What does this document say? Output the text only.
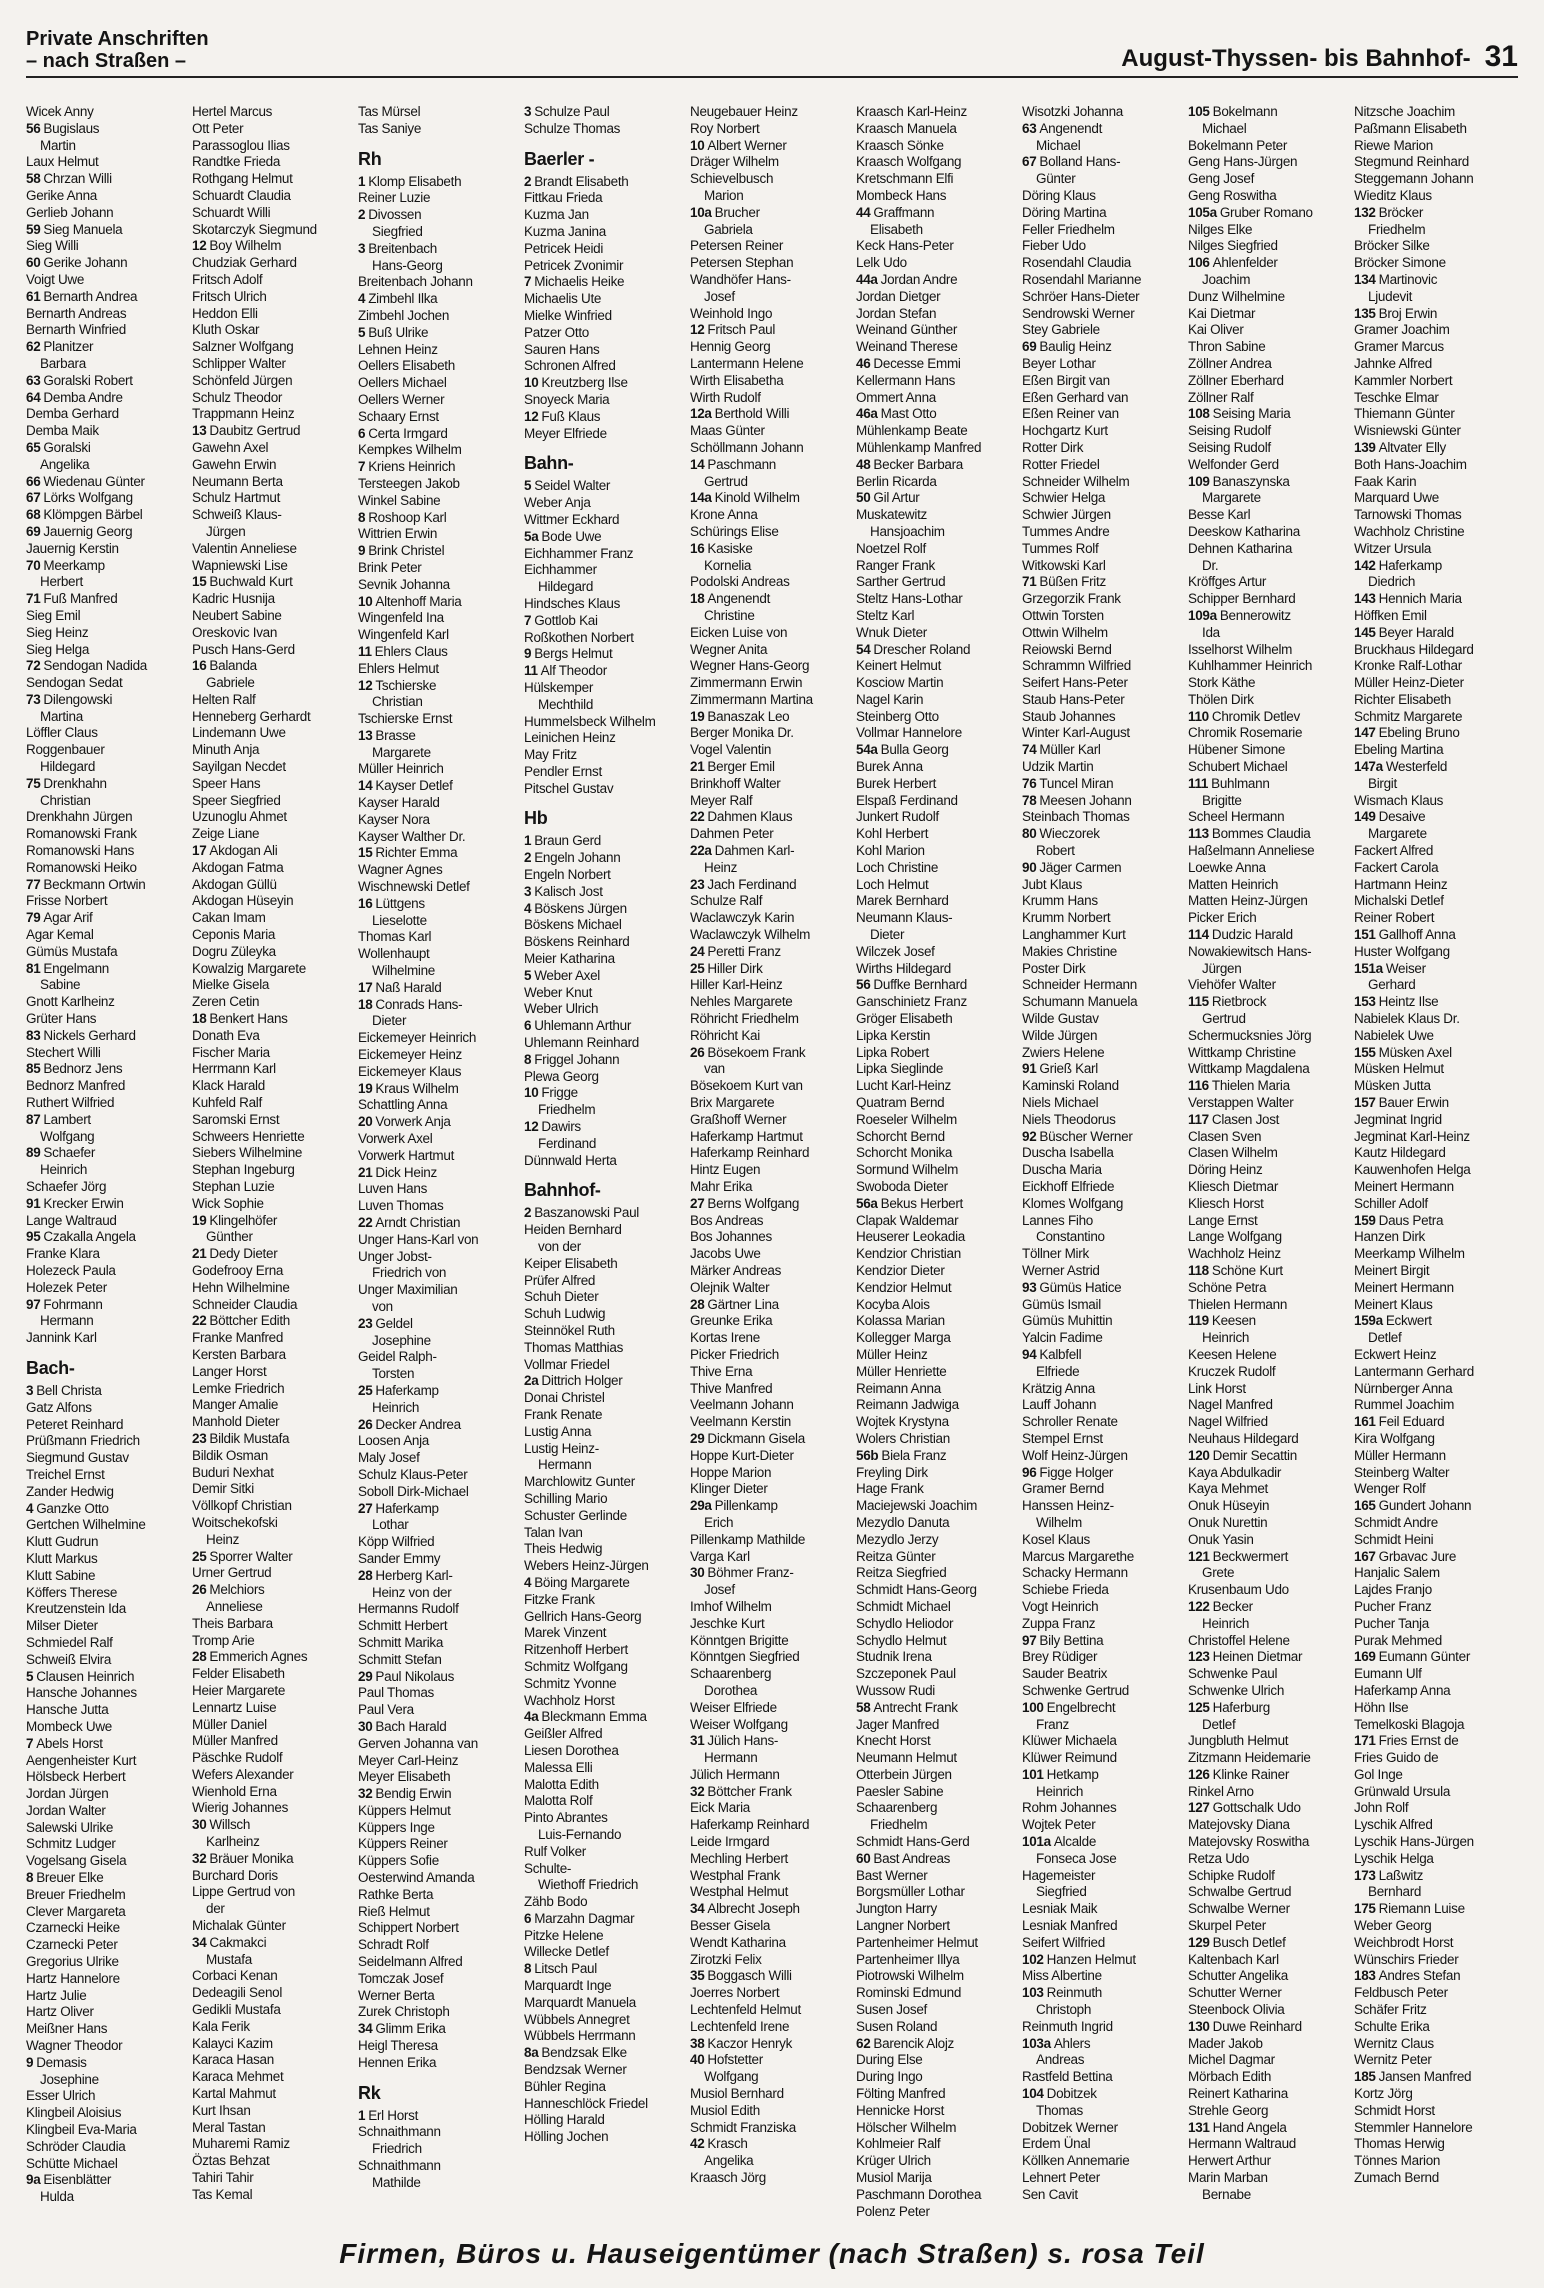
Private Anschriften
– nach Straßen –	August-Thyssen- bis Bahnhof- 31
Wicek Anny
56 Bugislaus
Martin
Laux Helmut
58 Chrzan Willi
Gerike Anna
Gerlieb Johann
59 Sieg Manuela
Sieg Willi
60 Gerike Johann
Voigt Uwe
61 Bernarth Andrea
Bernarth Andreas
Bernarth Winfried
62 Planitzer
Barbara
63 Goralski Robert
64 Demba Andre
Demba Gerhard
Demba Maik
65 Goralski
Angelika
66 Wiedenau Günter
67 Lörks Wolfgang
68 Klömpgen Bärbel
69 Jauernig Georg
Jauernig Kerstin
70 Meerkamp
Herbert
71 Fuß Manfred
Sieg Emil
Sieg Heinz
Sieg Helga
72 Sendogan Nadida
Sendogan Sedat
73 Dilengowski
Martina
Löffler Claus
Roggenbauer
Hildegard
75 Drenkhahn
Christian
Drenkhahn Jürgen
Romanowski Frank
Romanowski Hans
Romanowski Heiko
77 Beckmann Ortwin
Frisse Norbert
79 Agar Arif
Agar Kemal
Gümüs Mustafa
81 Engelmann
Sabine
Gnott Karlheinz
Grüter Hans
83 Nickels Gerhard
Stechert Willi
85 Bednorz Jens
Bednorz Manfred
Ruthert Wilfried
87 Lambert
Wolfgang
89 Schaefer
Heinrich
Schaefer Jörg
91 Krecker Erwin
Lange Waltraud
95 Czakalla Angela
Franke Klara
Holezeck Paula
Holezek Peter
97 Fohrmann
Hermann
Jannink Karl
Bach-
3 Bell Christa
Gatz Alfons
Peteret Reinhard
Prüßmann Friedrich
Siegmund Gustav
Treichel Ernst
Zander Hedwig
4 Ganzke Otto
Gertchen Wilhelmine
Klutt Gudrun
Klutt Markus
Klutt Sabine
Köffers Therese
Kreutzenstein Ida
Milser Dieter
Schmiedel Ralf
Schweiß Elvira
5 Clausen Heinrich
Hansche Johannes
Hansche Jutta
Mombeck Uwe
7 Abels Horst
Aengenheister Kurt
Hölsbeck Herbert
Jordan Jürgen
Jordan Walter
Salewski Ulrike
Schmitz Ludger
Vogelsang Gisela
8 Breuer Elke
Breuer Friedhelm
Clever Margareta
Czarnecki Heike
Czarnecki Peter
Gregorius Ulrike
Hartz Hannelore
Hartz Julie
Hartz Oliver
Meißner Hans
Wagner Theodor
9 Demasis
Josephine
Esser Ulrich
Klingbeil Aloisius
Klingbeil Eva-Maria
Schröder Claudia
Schütte Michael
9a Eisenblätter
Hulda
Hertel Marcus
Ott Peter
Parassoglou Ilias
Randtke Frieda
Rothgang Helmut
Schuardt Claudia
Schuardt Willi
Skotarczyk Siegmund
12 Boy Wilhelm
Chudziak Gerhard
Fritsch Adolf
Fritsch Ulrich
Heddon Elli
Kluth Oskar
Salzner Wolfgang
Schlipper Walter
Schönfeld Jürgen
Schulz Theodor
Trappmann Heinz
13 Daubitz Gertrud
Gawehn Axel
Gawehn Erwin
Neumann Berta
Schulz Hartmut
Schweiß Klaus-
Jürgen
Valentin Anneliese
Wapniewski Lise
15 Buchwald Kurt
Kadric Husnija
Neubert Sabine
Oreskovic Ivan
Pusch Hans-Gerd
16 Balanda
Gabriele
Helten Ralf
Henneberg Gerhardt
Lindemann Uwe
Minuth Anja
Sayilgan Necdet
Speer Hans
Speer Siegfried
Uzunoglu Ahmet
Zeige Liane
17 Akdogan Ali
Akdogan Fatma
Akdogan Güllü
Akdogan Hüseyin
Cakan Imam
Ceponis Maria
Dogru Züleyka
Kowalzig Margarete
Mielke Gisela
Zeren Cetin
18 Benkert Hans
Donath Eva
Fischer Maria
Herrmann Karl
Klack Harald
Kuhfeld Ralf
Saromski Ernst
Schweers Henriette
Siebers Wilhelmine
Stephan Ingeburg
Stephan Luzie
Wick Sophie
19 Klingelhöfer
Günther
21 Dedy Dieter
Godefrooy Erna
Hehn Wilhelmine
Schneider Claudia
22 Böttcher Edith
Franke Manfred
Kersten Barbara
Langer Horst
Lemke Friedrich
Manger Amalie
Manhold Dieter
23 Bildik Mustafa
Bildik Osman
Buduri Nexhat
Demir Sitki
Völlkopf Christian
Woitschekofski
Heinz
25 Sporrer Walter
Urner Gertrud
26 Melchiors
Anneliese
Theis Barbara
Tromp Arie
28 Emmerich Agnes
Felder Elisabeth
Heier Margarete
Lennartz Luise
Müller Daniel
Müller Manfred
Päschke Rudolf
Wefers Alexander
Wienhold Erna
Wierig Johannes
30 Willsch
Karlheinz
32 Bräuer Monika
Burchard Doris
Lippe Gertrud von
der
Michalak Günter
34 Cakmakci
Mustafa
Corbaci Kenan
Dedeagili Senol
Gedikli Mustafa
Kala Ferik
Kalayci Kazim
Karaca Hasan
Karaca Mehmet
Kartal Mahmut
Kurt Ihsan
Meral Tastan
Muharemi Ramiz
Öztas Behzat
Tahiri Tahir
Tas Kemal
Tas Mürsel
Tas Saniye
Rh
1 Klomp Elisabeth
Reiner Luzie
2 Divossen
Siegfried
3 Breitenbach
Hans-Georg
Breitenbach Johann
4 Zimbehl Ilka
Zimbehl Jochen
5 Buß Ulrike
Lehnen Heinz
Oellers Elisabeth
Oellers Michael
Oellers Werner
Schaary Ernst
6 Certa Irmgard
Kempkes Wilhelm
7 Kriens Heinrich
Tersteegen Jakob
Winkel Sabine
8 Roshoop Karl
Wittrien Erwin
9 Brink Christel
Brink Peter
Sevnik Johanna
10 Altenhoff Maria
Wingenfeld Ina
Wingenfeld Karl
11 Ehlers Claus
Ehlers Helmut
12 Tschierske
Christian
Tschierske Ernst
13 Brasse
Margarete
Müller Heinrich
14 Kayser Detlef
Kayser Harald
Kayser Nora
Kayser Walther Dr.
15 Richter Emma
Wagner Agnes
Wischnewski Detlef
16 Lüttgens
Lieselotte
Thomas Karl
Wollenhaupt
Wilhelmine
17 Naß Harald
18 Conrads Hans-
Dieter
Eickemeyer Heinrich
Eickemeyer Heinz
Eickemeyer Klaus
19 Kraus Wilhelm
Schattling Anna
20 Vorwerk Anja
Vorwerk Axel
Vorwerk Hartmut
21 Dick Heinz
Luven Hans
Luven Thomas
22 Arndt Christian
Unger Hans-Karl von
Unger Jobst-
Friedrich von
Unger Maximilian
von
23 Geldel
Josephine
Geidel Ralph-
Torsten
25 Haferkamp
Heinrich
26 Decker Andrea
Loosen Anja
Maly Josef
Schulz Klaus-Peter
Soboll Dirk-Michael
27 Haferkamp
Lothar
Köpp Wilfried
Sander Emmy
28 Herberg Karl-
Heinz von der
Hermanns Rudolf
Schmitt Herbert
Schmitt Marika
Schmitt Stefan
29 Paul Nikolaus
Paul Thomas
Paul Vera
30 Bach Harald
Gerven Johanna van
Meyer Carl-Heinz
Meyer Elisabeth
32 Bendig Erwin
Küppers Helmut
Küppers Inge
Küppers Reiner
Küppers Sofie
Oesterwind Amanda
Rathke Berta
Rieß Helmut
Schippert Norbert
Schradt Rolf
Seidelmann Alfred
Tomczak Josef
Werner Berta
Zurek Christoph
34 Glimm Erika
Heigl Theresa
Hennen Erika
Rk
1 Erl Horst
Schnaithmann
Friedrich
Schnaithmann
Mathilde
3 Schulze Paul
Schulze Thomas
Baerler -
2 Brandt Elisabeth
Fittkau Frieda
Kuzma Jan
Kuzma Janina
Petricek Heidi
Petricek Zvonimir
7 Michaelis Heike
Michaelis Ute
Mielke Winfried
Patzer Otto
Sauren Hans
Schronen Alfred
10 Kreutzberg Ilse
Snoyeck Maria
12 Fuß Klaus
Meyer Elfriede
Bahn-
5 Seidel Walter
Weber Anja
Wittmer Eckhard
5a Bode Uwe
Eichhammer Franz
Eichhammer
Hildegard
Hindsches Klaus
7 Gottlob Kai
Roßkothen Norbert
9 Bergs Helmut
11 Alf Theodor
Hülskemper
Mechthild
Hummelsbeck Wilhelm
Leinichen Heinz
May Fritz
Pendler Ernst
Pitschel Gustav
Hb
1 Braun Gerd
2 Engeln Johann
Engeln Norbert
3 Kalisch Jost
4 Böskens Jürgen
Böskens Michael
Böskens Reinhard
Meier Katharina
5 Weber Axel
Weber Knut
Weber Ulrich
6 Uhlemann Arthur
Uhlemann Reinhard
8 Friggel Johann
Plewa Georg
10 Frigge
Friedhelm
12 Dawirs
Ferdinand
Dünnwald Herta
Bahnhof-
2 Baszanowski Paul
Heiden Bernhard
von der
Keiper Elisabeth
Prüfer Alfred
Schuh Dieter
Schuh Ludwig
Steinnökel Ruth
Thomas Matthias
Vollmar Friedel
2a Dittrich Holger
Donai Christel
Frank Renate
Lustig Anna
Lustig Heinz-
Hermann
Marchlowitz Gunter
Schilling Mario
Schuster Gerlinde
Talan Ivan
Theis Hedwig
Webers Heinz-Jürgen
4 Böing Margarete
Fitzke Frank
Gellrich Hans-Georg
Marek Vinzent
Ritzenhoff Herbert
Schmitz Wolfgang
Schmitz Yvonne
Wachholz Horst
4a Bleckmann Emma
Geißler Alfred
Liesen Dorothea
Malessa Elli
Malotta Edith
Malotta Rolf
Pinto Abrantes
Luis-Fernando
Rulf Volker
Schulte-
Wiethoff Friedrich
Zähb Bodo
6 Marzahn Dagmar
Pitzke Helene
Willecke Detlef
8 Litsch Paul
Marquardt Inge
Marquardt Manuela
Wübbels Annegret
Wübbels Herrmann
8a Bendzsak Elke
Bendzsak Werner
Bühler Regina
Hanneschlöck Friedel
Hölling Harald
Hölling Jochen
Neugebauer Heinz
Roy Norbert
10 Albert Werner
Dräger Wilhelm
Schievelbusch
Marion
10a Brucher
Gabriela
Petersen Reiner
Petersen Stephan
Wandhöfer Hans-
Josef
Weinhold Ingo
12 Fritsch Paul
Hennig Georg
Lantermann Helene
Wirth Elisabetha
Wirth Rudolf
12a Berthold Willi
Maas Günter
Schöllmann Johann
14 Paschmann
Gertrud
14a Kinold Wilhelm
Krone Anna
Schürings Elise
16 Kasiske
Kornelia
Podolski Andreas
18 Angenendt
Christine
Eicken Luise von
Wegner Anita
Wegner Hans-Georg
Zimmermann Erwin
Zimmermann Martina
19 Banaszak Leo
Berger Monika Dr.
Vogel Valentin
21 Berger Emil
Brinkhoff Walter
Meyer Ralf
22 Dahmen Klaus
Dahmen Peter
22a Dahmen Karl-
Heinz
23 Jach Ferdinand
Schulze Ralf
Waclawczyk Karin
Waclawczyk Wilhelm
24 Peretti Franz
25 Hiller Dirk
Hiller Karl-Heinz
Nehles Margarete
Röhricht Friedhelm
Röhricht Kai
26 Bösekoem Frank
van
Bösekoem Kurt van
Brix Margarete
Graßhoff Werner
Haferkamp Hartmut
Haferkamp Reinhard
Hintz Eugen
Mahr Erika
27 Berns Wolfgang
Bos Andreas
Bos Johannes
Jacobs Uwe
Märker Andreas
Olejnik Walter
28 Gärtner Lina
Greunke Erika
Kortas Irene
Picker Friedrich
Thive Erna
Thive Manfred
Veelmann Johann
Veelmann Kerstin
29 Dickmann Gisela
Hoppe Kurt-Dieter
Hoppe Marion
Klinger Dieter
29a Pillenkamp
Erich
Pillenkamp Mathilde
Varga Karl
30 Böhmer Franz-
Josef
Imhof Wilhelm
Jeschke Kurt
Könntgen Brigitte
Könntgen Siegfried
Schaarenberg
Dorothea
Weiser Elfriede
Weiser Wolfgang
31 Jülich Hans-
Hermann
Jülich Hermann
32 Böttcher Frank
Eick Maria
Haferkamp Reinhard
Leide Irmgard
Mechling Herbert
Westphal Frank
Westphal Helmut
34 Albrecht Joseph
Besser Gisela
Wendt Katharina
Zirotzki Felix
35 Boggasch Willi
Joerres Norbert
Lechtenfeld Helmut
Lechtenfeld Irene
38 Kaczor Henryk
40 Hofstetter
Wolfgang
Musiol Bernhard
Musiol Edith
Schmidt Franziska
42 Krasch
Angelika
Kraasch Jörg
Kraasch Karl-Heinz
Kraasch Manuela
Kraasch Sönke
Kraasch Wolfgang
Kretschmann Elfi
Mombeck Hans
44 Graffmann
Elisabeth
Keck Hans-Peter
Lelk Udo
44a Jordan Andre
Jordan Dietger
Jordan Stefan
Weinand Günther
Weinand Therese
46 Decesse Emmi
Kellermann Hans
Ommert Anna
46a Mast Otto
Mühlenkamp Beate
Mühlenkamp Manfred
48 Becker Barbara
Berlin Ricarda
50 Gil Artur
Muskatewitz
Hansjoachim
Noetzel Rolf
Ranger Frank
Sarther Gertrud
Steltz Hans-Lothar
Steltz Karl
Wnuk Dieter
54 Drescher Roland
Keinert Helmut
Kosciow Martin
Nagel Karin
Steinberg Otto
Vollmar Hannelore
54a Bulla Georg
Burek Anna
Burek Herbert
Elspaß Ferdinand
Junkert Rudolf
Kohl Herbert
Kohl Marion
Loch Christine
Loch Helmut
Marek Bernhard
Neumann Klaus-
Dieter
Wilczek Josef
Wirths Hildegard
56 Duffke Bernhard
Ganschinietz Franz
Gröger Elisabeth
Lipka Kerstin
Lipka Robert
Lipka Sieglinde
Lucht Karl-Heinz
Quatram Bernd
Roeseler Wilhelm
Schorcht Bernd
Schorcht Monika
Sormund Wilhelm
Swoboda Dieter
56a Bekus Herbert
Clapak Waldemar
Heuserer Leokadia
Kendzior Christian
Kendzior Dieter
Kendzior Helmut
Kocyba Alois
Kolassa Marian
Kollegger Marga
Müller Heinz
Müller Henriette
Reimann Anna
Reimann Jadwiga
Wojtek Krystyna
Wolers Christian
56b Biela Franz
Freyling Dirk
Hage Frank
Maciejewski Joachim
Mezydlo Danuta
Mezydlo Jerzy
Reitza Günter
Reitza Siegfried
Schmidt Hans-Georg
Schmidt Michael
Schydlo Heliodor
Schydlo Helmut
Studnik Irena
Szczeponek Paul
Wussow Rudi
58 Antrecht Frank
Jager Manfred
Knecht Horst
Neumann Helmut
Otterbein Jürgen
Paesler Sabine
Schaarenberg
Friedhelm
Schmidt Hans-Gerd
60 Bast Andreas
Bast Werner
Borgsmüller Lothar
Jungton Harry
Langner Norbert
Partenheimer Helmut
Partenheimer Illya
Piotrowski Wilhelm
Rominski Edmund
Susen Josef
Susen Roland
62 Barencik Alojz
During Else
During Ingo
Fölting Manfred
Hennicke Horst
Hölscher Wilhelm
Kohlmeier Ralf
Krüger Ulrich
Musiol Marija
Paschmann Dorothea
Polenz Peter
Wisotzki Johanna
63 Angenendt
Michael
67 Bolland Hans-
Günter
Döring Klaus
Döring Martina
Feller Friedhelm
Fieber Udo
Rosendahl Claudia
Rosendahl Marianne
Schröer Hans-Dieter
Sendrowski Werner
Stey Gabriele
69 Baulig Heinz
Beyer Lothar
Eßen Birgit van
Eßen Gerhard van
Eßen Reiner van
Hochgartz Kurt
Rotter Dirk
Rotter Friedel
Schneider Wilhelm
Schwier Helga
Schwier Jürgen
Tummes Andre
Tummes Rolf
Witkowski Karl
71 Büßen Fritz
Grzegorzik Frank
Ottwin Torsten
Ottwin Wilhelm
Reiowski Bernd
Schrammn Wilfried
Seifert Hans-Peter
Staub Hans-Peter
Staub Johannes
Winter Karl-August
74 Müller Karl
Udzik Martin
76 Tuncel Miran
78 Meesen Johann
Steinbach Thomas
80 Wieczorek
Robert
90 Jäger Carmen
Jubt Klaus
Krumm Hans
Krumm Norbert
Langhammer Kurt
Makies Christine
Poster Dirk
Schneider Hermann
Schumann Manuela
Wilde Gustav
Wilde Jürgen
Zwiers Helene
91 Grieß Karl
Kaminski Roland
Niels Michael
Niels Theodorus
92 Büscher Werner
Duscha Isabella
Duscha Maria
Eickhoff Elfriede
Klomes Wolfgang
Lannes Fiho
Constantino
Töllner Mirk
Werner Astrid
93 Gümüs Hatice
Gümüs Ismail
Gümüs Muhittin
Yalcin Fadime
94 Kalbfell
Elfriede
Krätzig Anna
Lauff Johann
Schroller Renate
Stempel Ernst
Wolf Heinz-Jürgen
96 Figge Holger
Gramer Bernd
Hanssen Heinz-
Wilhelm
Kosel Klaus
Marcus Margarethe
Schacky Hermann
Schiebe Frieda
Vogt Heinrich
Zuppa Franz
97 Bily Bettina
Brey Rüdiger
Sauder Beatrix
Schwenke Gertrud
100 Engelbrecht
Franz
Klüwer Michaela
Klüwer Reimund
101 Hetkamp
Heinrich
Rohm Johannes
Wojtek Peter
101a Alcalde
Fonseca Jose
Hagemeister
Siegfried
Lesniak Maik
Lesniak Manfred
Seifert Wilfried
102 Hanzen Helmut
Miss Albertine
103 Reinmuth
Christoph
Reinmuth Ingrid
103a Ahlers
Andreas
Rastfeld Bettina
104 Dobitzek
Thomas
Dobitzek Werner
Erdem Ünal
Köllken Annemarie
Lehnert Peter
Sen Cavit
105 Bokelmann
Michael
Bokelmann Peter
Geng Hans-Jürgen
Geng Josef
Geng Roswitha
105a Gruber Romano
Nilges Elke
Nilges Siegfried
106 Ahlenfelder
Joachim
Dunz Wilhelmine
Kai Dietmar
Kai Oliver
Thron Sabine
Zöllner Andrea
Zöllner Eberhard
Zöllner Ralf
108 Seising Maria
Seising Rudolf
Seising Rudolf
Welfonder Gerd
109 Banaszynska
Margarete
Besse Karl
Deeskow Katharina
Dehnen Katharina
Dr.
Kröffges Artur
Schipper Bernhard
109a Bennerowitz
Ida
Isselhorst Wilhelm
Kuhlhammer Heinrich
Stork Käthe
Thölen Dirk
110 Chromik Detlev
Chromik Rosemarie
Hübener Simone
Schubert Michael
111 Buhlmann
Brigitte
Scheel Hermann
113 Bommes Claudia
Haßelmann Anneliese
Loewke Anna
Matten Heinrich
Matten Heinz-Jürgen
Picker Erich
114 Dudzic Harald
Nowakiewitsch Hans-
Jürgen
Viehöfer Walter
115 Rietbrock
Gertrud
Schermucksnies Jörg
Wittkamp Christine
Wittkamp Magdalena
116 Thielen Maria
Verstappen Walter
117 Clasen Jost
Clasen Sven
Clasen Wilhelm
Döring Heinz
Kliesch Dietmar
Kliesch Horst
Lange Ernst
Lange Wolfgang
Wachholz Heinz
118 Schöne Kurt
Schöne Petra
Thielen Hermann
119 Keesen
Heinrich
Keesen Helene
Kruczek Rudolf
Link Horst
Nagel Manfred
Nagel Wilfried
Neuhaus Hildegard
120 Demir Secattin
Kaya Abdulkadir
Kaya Mehmet
Onuk Hüseyin
Onuk Nurettin
Onuk Yasin
121 Beckwermert
Grete
Krusenbaum Udo
122 Becker
Heinrich
Christoffel Helene
123 Heinen Dietmar
Schwenke Paul
Schwenke Ulrich
125 Haferburg
Detlef
Jungbluth Helmut
Zitzmann Heidemarie
126 Klinke Rainer
Rinkel Arno
127 Gottschalk Udo
Matejovsky Diana
Matejovsky Roswitha
Retza Udo
Schipke Rudolf
Schwalbe Gertrud
Schwalbe Werner
Skurpel Peter
129 Busch Detlef
Kaltenbach Karl
Schutter Angelika
Schutter Werner
Steenbock Olivia
130 Duwe Reinhard
Mader Jakob
Michel Dagmar
Mörbach Edith
Reinert Katharina
Strehle Georg
131 Hand Angela
Hermann Waltraud
Herwert Arthur
Marin Marban
Bernabe
Nitzsche Joachim
Paßmann Elisabeth
Riewe Marion
Stegmund Reinhard
Steggemann Johann
Wieditz Klaus
132 Bröcker
Friedhelm
Bröcker Silke
Bröcker Simone
134 Martinovic
Ljudevit
135 Broj Erwin
Gramer Joachim
Gramer Marcus
Jahnke Alfred
Kammler Norbert
Teschke Elmar
Thiemann Günter
Wisniewski Günter
139 Altvater Elly
Both Hans-Joachim
Faak Karin
Marquard Uwe
Tarnowski Thomas
Wachholz Christine
Witzer Ursula
142 Haferkamp
Diedrich
143 Hennich Maria
Höffken Emil
145 Beyer Harald
Bruckhaus Hildegard
Kronke Ralf-Lothar
Müller Heinz-Dieter
Richter Elisabeth
Schmitz Margarete
147 Ebeling Bruno
Ebeling Martina
147a Westerfeld
Birgit
Wismach Klaus
149 Desaive
Margarete
Fackert Alfred
Fackert Carola
Hartmann Heinz
Michalski Detlef
Reiner Robert
151 Gallhoff Anna
Huster Wolfgang
151a Weiser
Gerhard
153 Heintz Ilse
Nabielek Klaus Dr.
Nabielek Uwe
155 Müsken Axel
Müsken Helmut
Müsken Jutta
157 Bauer Erwin
Jegminat Ingrid
Jegminat Karl-Heinz
Kautz Hildegard
Kauwenhofen Helga
Meinert Hermann
Schiller Adolf
159 Daus Petra
Hanzen Dirk
Meerkamp Wilhelm
Meinert Birgit
Meinert Hermann
Meinert Klaus
159a Eckwert
Detlef
Eckwert Heinz
Lantermann Gerhard
Nürnberger Anna
Rummel Joachim
161 Feil Eduard
Kira Wolfgang
Müller Hermann
Steinberg Walter
Wenger Rolf
165 Gundert Johann
Schmidt Andre
Schmidt Heini
167 Grbavac Jure
Hanjalic Salem
Lajdes Franjo
Pucher Franz
Pucher Tanja
Purak Mehmed
169 Eumann Günter
Eumann Ulf
Haferkamp Anna
Höhn Ilse
Temelkoski Blagoja
171 Fries Ernst de
Fries Guido de
Gol Inge
Grünwald Ursula
John Rolf
Lyschik Alfred
Lyschik Hans-Jürgen
Lyschik Helga
173 Laßwitz
Bernhard
175 Riemann Luise
Weber Georg
Weichbrodt Horst
Wünschirs Frieder
183 Andres Stefan
Feldbusch Peter
Schäfer Fritz
Schulte Erika
Wernitz Claus
Wernitz Peter
185 Jansen Manfred
Kortz Jörg
Schmidt Horst
Stemmler Hannelore
Thomas Herwig
Tönnes Marion
Zumach Bernd
Firmen, Büros u. Hauseigentümer (nach Straßen) s. rosa Teil
